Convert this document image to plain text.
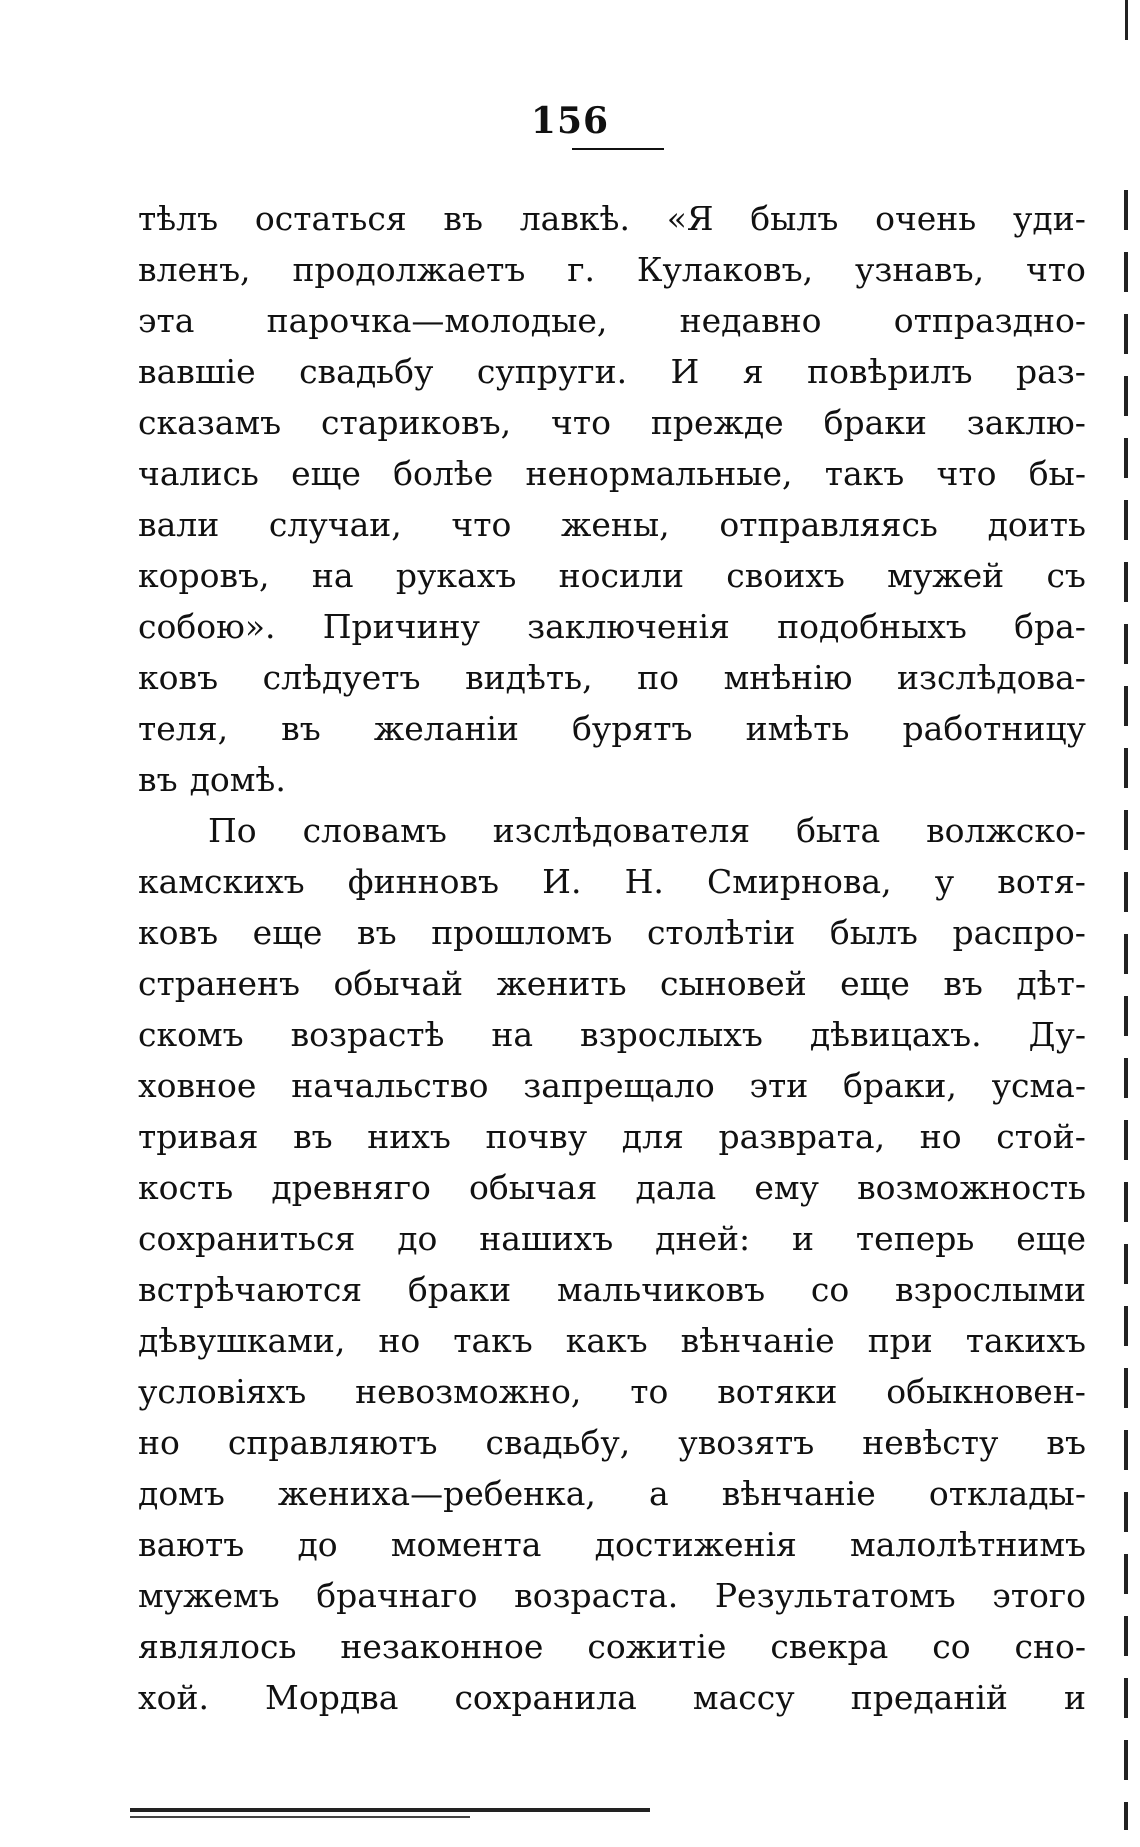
156
тѣлъ остаться въ лавкѣ. «Я былъ очень уди-
вленъ, продолжаетъ г. Кулаковъ, узнавъ, что
эта парочка—молодые, недавно отпраздно-
вавшіе свадьбу супруги. И я повѣрилъ раз-
сказамъ стариковъ, что прежде браки заклю-
чались еще болѣе ненормальные, такъ что бы-
вали случаи, что жены, отправляясь доить
коровъ, на рукахъ носили своихъ мужей съ
собою». Причину заключенія подобныхъ бра-
ковъ слѣдуетъ видѣть, по мнѣнію изслѣдова-
теля, въ желаніи бурятъ имѣть работницу
въ домѣ.
По словамъ изслѣдователя быта волжско-
камскихъ финновъ И. Н. Смирнова, у вотя-
ковъ еще въ прошломъ столѣтіи былъ распро-
страненъ обычай женить сыновей еще въ дѣт-
скомъ возрастѣ на взрослыхъ дѣвицахъ. Ду-
ховное начальство запрещало эти браки, усма-
тривая въ нихъ почву для разврата, но стой-
кость древняго обычая дала ему возможность
сохраниться до нашихъ дней: и теперь еще
встрѣчаются браки мальчиковъ со взрослыми
дѣвушками, но такъ какъ вѣнчаніе при такихъ
условіяхъ невозможно, то вотяки обыкновен-
но справляютъ свадьбу, увозятъ невѣсту въ
домъ жениха—ребенка, а вѣнчаніе отклады-
ваютъ до момента достиженія малолѣтнимъ
мужемъ брачнаго возраста. Результатомъ этого
являлось незаконное сожитіе свекра со сно-
хой. Мордва сохранила массу преданій и
